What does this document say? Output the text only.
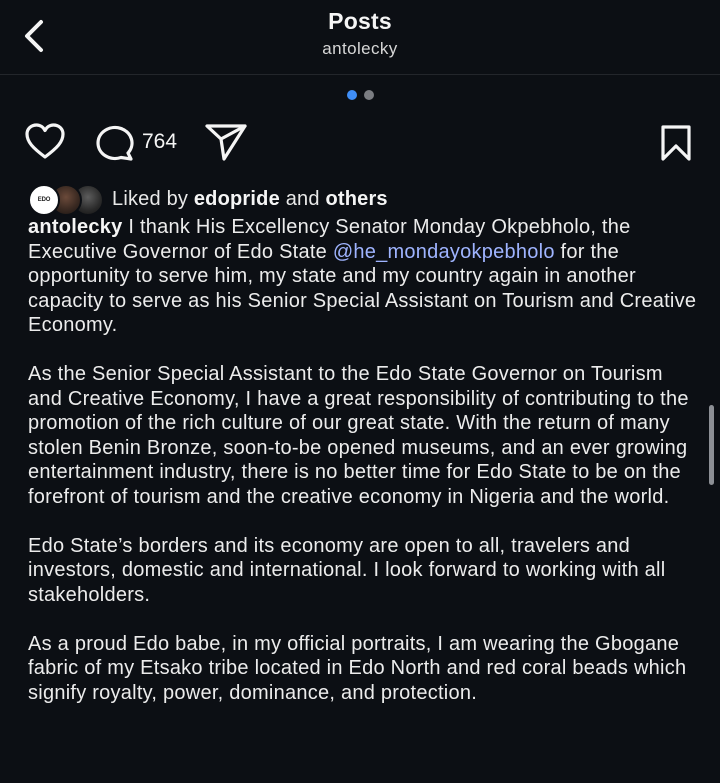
Posts
antolecky
764
EDO	Liked by edopride and others

antolecky I thank His Excellency Senator Monday Okpebholo, the Executive Governor of Edo State @he_mondayokpebholo for the opportunity to serve him, my state and my country again in another capacity to serve as his Senior Special Assistant on Tourism and Creative Economy.

As the Senior Special Assistant to the Edo State Governor on Tourism and Creative Economy, I have a great responsibility of contributing to the promotion of the rich culture of our great state. With the return of many stolen Benin Bronze, soon-to-be opened museums, and an ever growing entertainment industry, there is no better time for Edo State to be on the forefront of tourism and the creative economy in Nigeria and the world.

Edo State’s borders and its economy are open to all, travelers and investors, domestic and international. I look forward to working with all stakeholders.

As a proud Edo babe, in my official portraits, I am wearing the Gbogane fabric of my Etsako tribe located in Edo North and red coral beads which signify royalty, power, dominance, and protection.
